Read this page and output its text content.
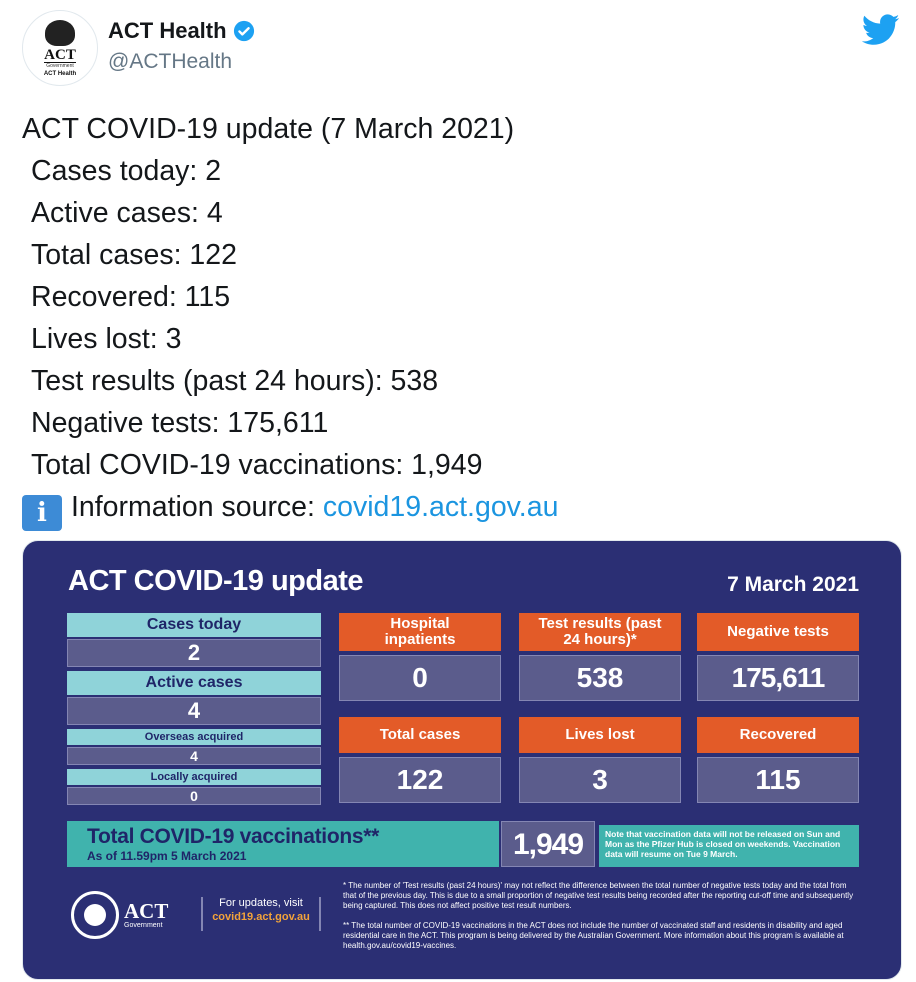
ACT
Government
ACT Health
ACT Health
@ACTHealth
ACT COVID-19 update (7 March 2021)
Cases today: 2
Active cases: 4
Total cases: 122
Recovered: 115
Lives lost: 3
Test results (past 24 hours): 538
Negative tests: 175,611
Total COVID-19 vaccinations: 1,949
i Information source: covid19.act.gov.au
ACT COVID-19 update	7 March 2021
Cases today
2
Active cases
4
Overseas acquired
4
Locally acquired
0
Hospital inpatients
0
Test results (past 24 hours)*
538
Negative tests
175,611
Total cases
122
Lives lost
3
Recovered
115
Total COVID-19 vaccinations**
As of 11.59pm 5 March 2021	1,949	Note that vaccination data will not be released on Sun and Mon as the Pfizer Hub is closed on weekends. Vaccination data will resume on Tue 9 March.
ACT
Government
For updates, visit
covid19.act.gov.au
* The number of 'Test results (past 24 hours)' may not reflect the difference between the total number of negative tests today and the total from that of the previous day. This is due to a small proportion of negative test results being recorded after the reporting cut-off time and subsequently being captured. This does not affect positive test result numbers.
** The total number of COVID-19 vaccinations in the ACT does not include the number of vaccinated staff and residents in disability and aged residential care in the ACT. This program is being delivered by the Australian Government. More information about this program is available at health.gov.au/covid19-vaccines.
